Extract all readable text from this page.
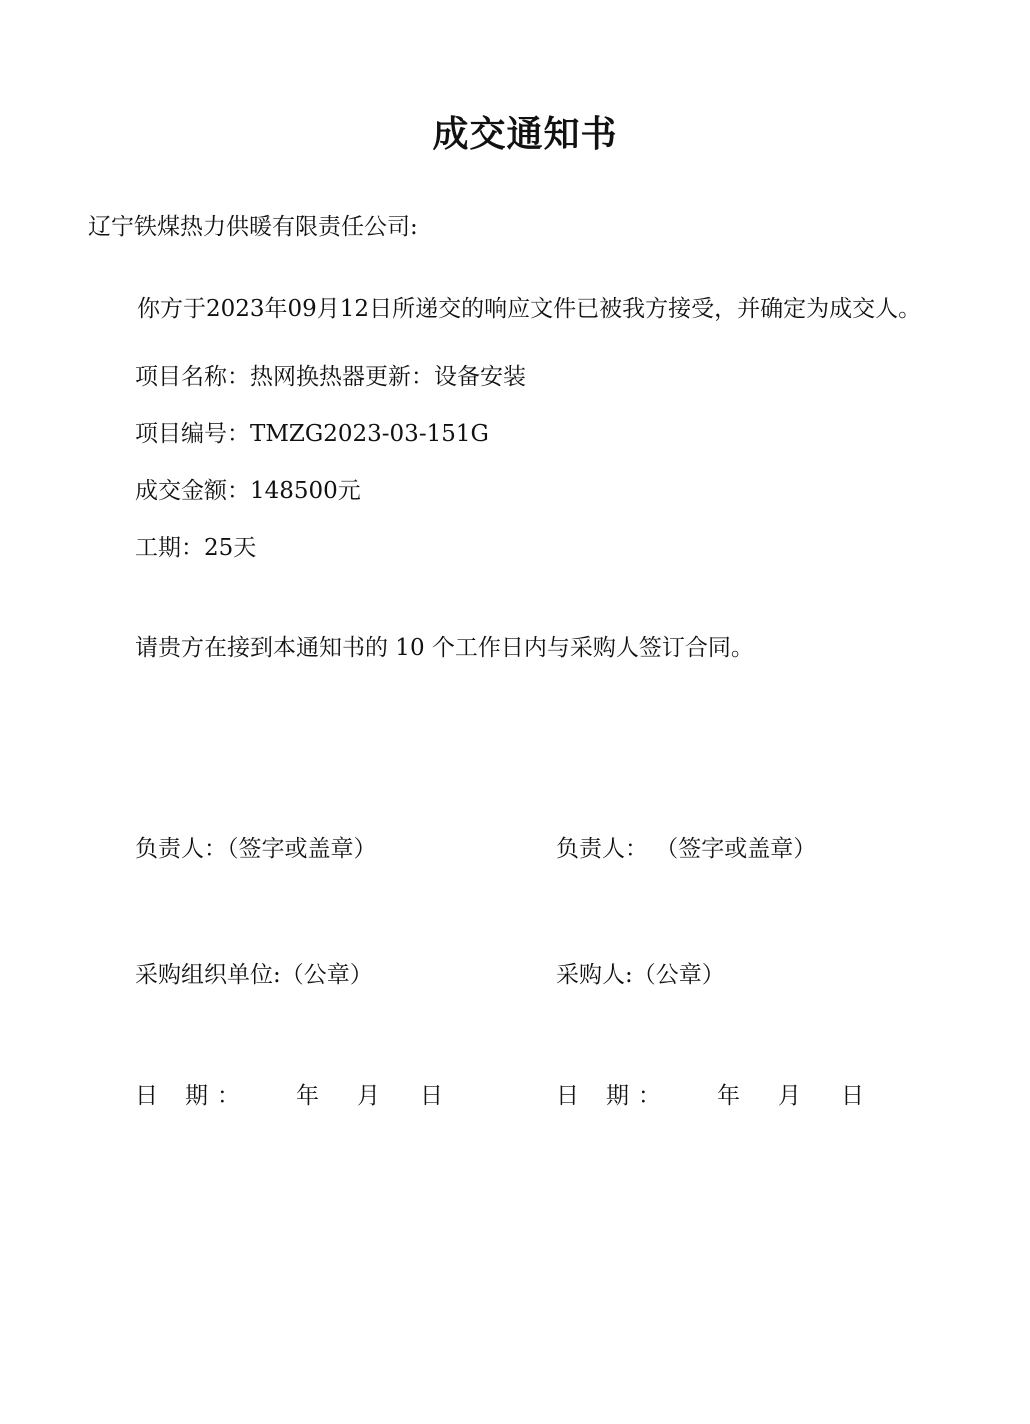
成交通知书
辽宁铁煤热力供暖有限责任公司:
你方于2023年09月12日所递交的响应文件已被我方接受，并确定为成交人。
项目名称：热网换热器更新：设备安装
项目编号：TMZG2023-03-151G
成交金额：148500元
工期：25天
请贵方在接到本通知书的 10 个工作日内与采购人签订合同。
负责人：（签字或盖章）	负责人： （签字或盖章）
采购组织单位:（公章）	采购人:（公章）
日 期 ： 年 月 日	日 期 ： 年 月 日
